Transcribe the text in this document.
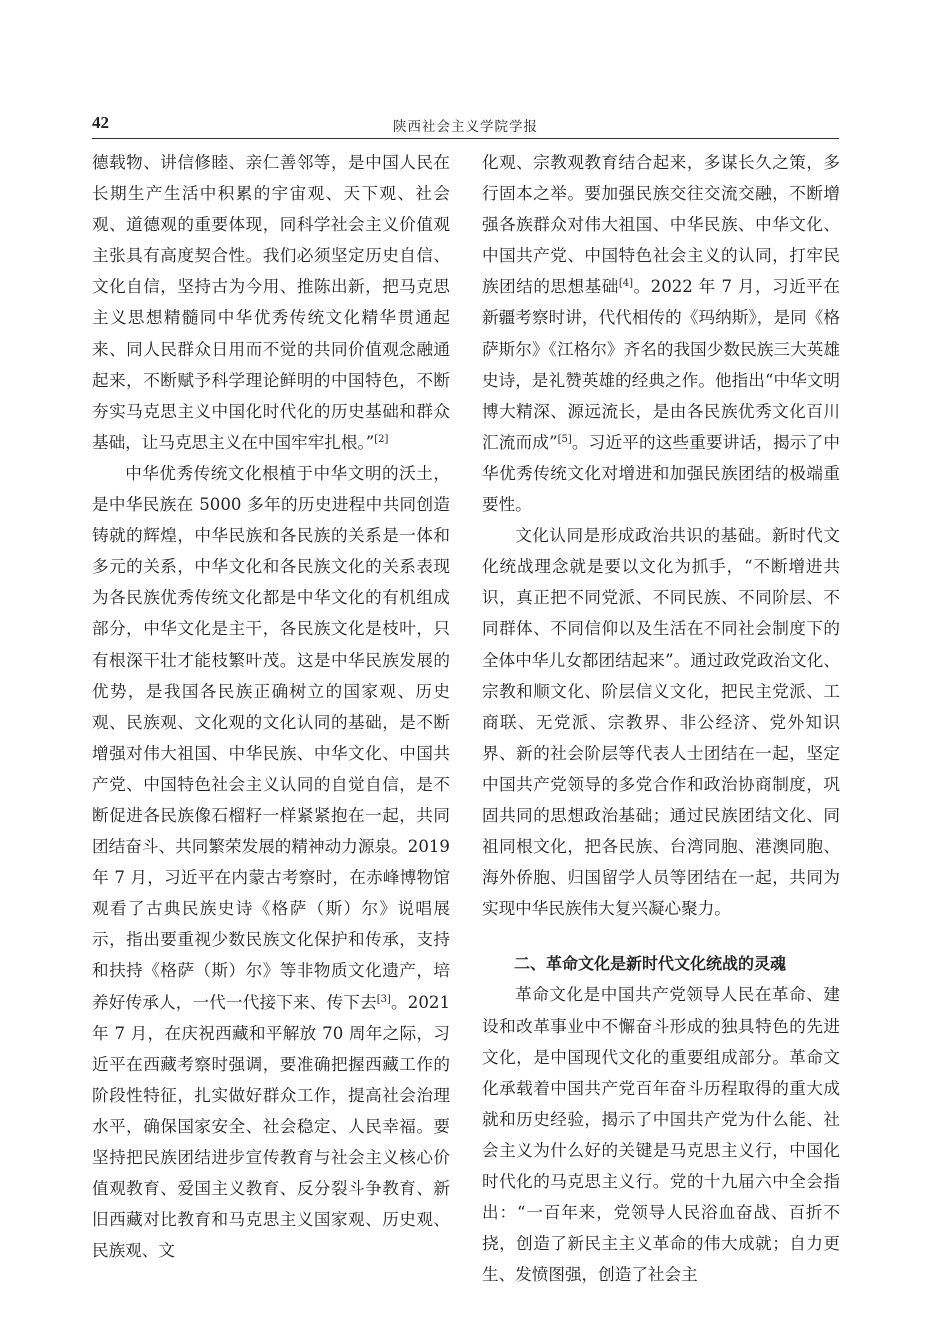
42	陕西社会主义学院学报

德载物、讲信修睦、亲仁善邻等，是中国人民在长期生产生活中积累的宇宙观、天下观、社会观、道德观的重要体现，同科学社会主义价值观主张具有高度契合性。我们必须坚定历史自信、文化自信，坚持古为今用、推陈出新，把马克思主义思想精髓同中华优秀传统文化精华贯通起来、同人民群众日用而不觉的共同价值观念融通起来，不断赋予科学理论鲜明的中国特色，不断夯实马克思主义中国化时代化的历史基础和群众基础，让马克思主义在中国牢牢扎根。”[2]

中华优秀传统文化根植于中华文明的沃土，是中华民族在 5000 多年的历史进程中共同创造铸就的辉煌，中华民族和各民族的关系是一体和多元的关系，中华文化和各民族文化的关系表现为各民族优秀传统文化都是中华文化的有机组成部分，中华文化是主干，各民族文化是枝叶，只有根深干壮才能枝繁叶茂。这是中华民族发展的优势，是我国各民族正确树立的国家观、历史观、民族观、文化观的文化认同的基础，是不断增强对伟大祖国、中华民族、中华文化、中国共产党、中国特色社会主义认同的自觉自信，是不断促进各民族像石榴籽一样紧紧抱在一起，共同团结奋斗、共同繁荣发展的精神动力源泉。2019 年 7 月，习近平在内蒙古考察时，在赤峰博物馆观看了古典民族史诗《格萨（斯）尔》说唱展示，指出要重视少数民族文化保护和传承，支持和扶持《格萨（斯）尔》等非物质文化遗产，培养好传承人，一代一代接下来、传下去[3]。2021 年 7 月，在庆祝西藏和平解放 70 周年之际，习近平在西藏考察时强调，要准确把握西藏工作的阶段性特征，扎实做好群众工作，提高社会治理水平，确保国家安全、社会稳定、人民幸福。要坚持把民族团结进步宣传教育与社会主义核心价值观教育、爱国主义教育、反分裂斗争教育、新旧西藏对比教育和马克思主义国家观、历史观、民族观、文

化观、宗教观教育结合起来，多谋长久之策，多行固本之举。要加强民族交往交流交融，不断增强各族群众对伟大祖国、中华民族、中华文化、中国共产党、中国特色社会主义的认同，打牢民族团结的思想基础[4]。2022 年 7 月，习近平在新疆考察时讲，代代相传的《玛纳斯》，是同《格萨斯尔》《江格尔》齐名的我国少数民族三大英雄史诗，是礼赞英雄的经典之作。他指出“中华文明博大精深、源远流长，是由各民族优秀文化百川汇流而成”[5]。习近平的这些重要讲话，揭示了中华优秀传统文化对增进和加强民族团结的极端重要性。

文化认同是形成政治共识的基础。新时代文化统战理念就是要以文化为抓手，“不断增进共识，真正把不同党派、不同民族、不同阶层、不同群体、不同信仰以及生活在不同社会制度下的全体中华儿女都团结起来”。通过政党政治文化、宗教和顺文化、阶层信义文化，把民主党派、工商联、无党派、宗教界、非公经济、党外知识界、新的社会阶层等代表人士团结在一起，坚定中国共产党领导的多党合作和政治协商制度，巩固共同的思想政治基础；通过民族团结文化、同祖同根文化，把各民族、台湾同胞、港澳同胞、海外侨胞、归国留学人员等团结在一起，共同为实现中华民族伟大复兴凝心聚力。

二、革命文化是新时代文化统战的灵魂

革命文化是中国共产党领导人民在革命、建设和改革事业中不懈奋斗形成的独具特色的先进文化，是中国现代文化的重要组成部分。革命文化承载着中国共产党百年奋斗历程取得的重大成就和历史经验，揭示了中国共产党为什么能、社会主义为什么好的关键是马克思主义行，中国化时代化的马克思主义行。党的十九届六中全会指出：“一百年来，党领导人民浴血奋战、百折不挠，创造了新民主主义革命的伟大成就；自力更生、发愤图强，创造了社会主
